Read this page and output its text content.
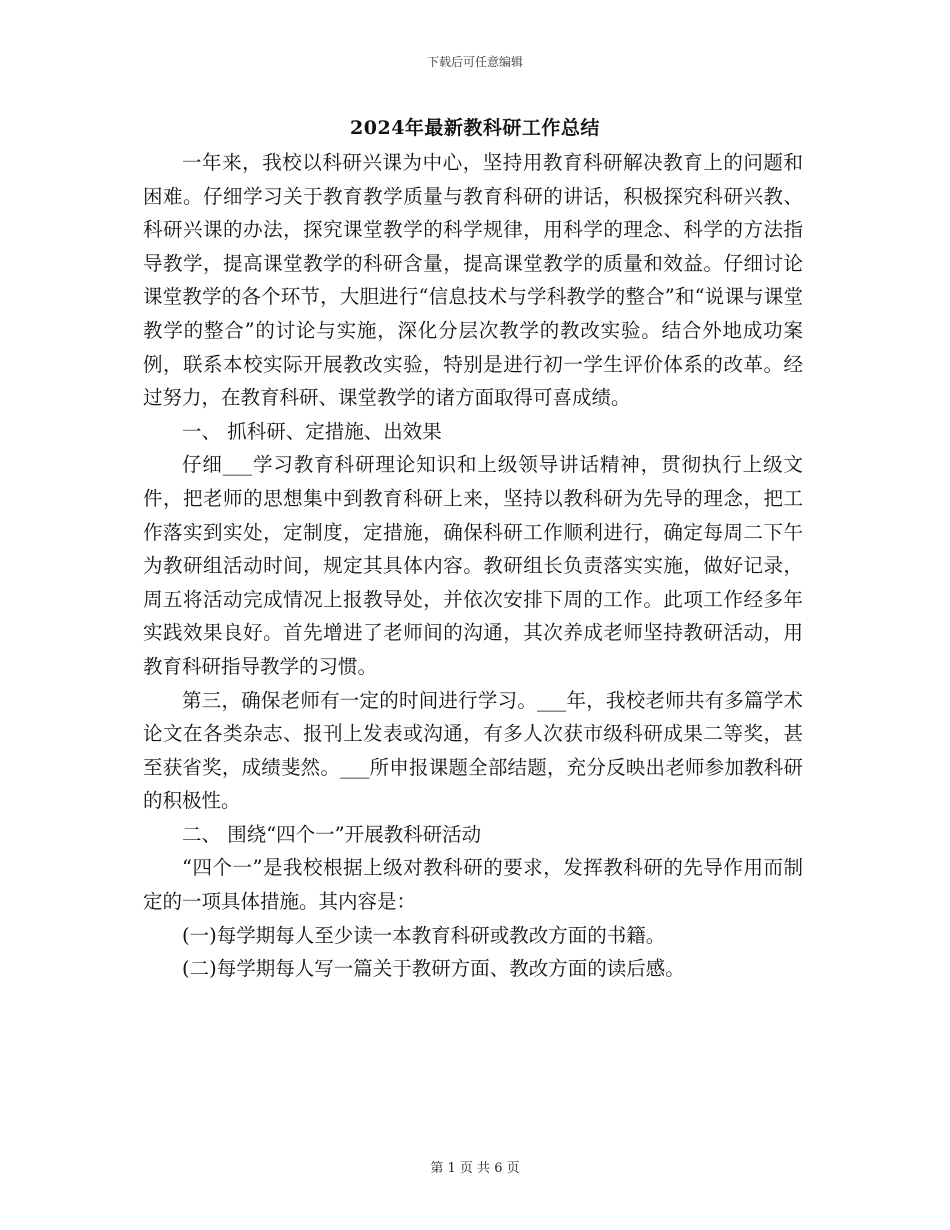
下载后可任意编辑
2024年最新教科研工作总结

一年来，我校以科研兴课为中心，坚持用教育科研解决教育上的问题和困难。仔细学习关于教育教学质量与教育科研的讲话，积极探究科研兴教、科研兴课的办法，探究课堂教学的科学规律，用科学的理念、科学的方法指导教学，提高课堂教学的科研含量，提高课堂教学的质量和效益。仔细讨论课堂教学的各个环节，大胆进行“信息技术与学科教学的整合”和“说课与课堂教学的整合”的讨论与实施，深化分层次教学的教改实验。结合外地成功案例，联系本校实际开展教改实验，特别是进行初一学生评价体系的改革。经过努力，在教育科研、课堂教学的诸方面取得可喜成绩。

一、 抓科研、定措施、出效果

仔细___学习教育科研理论知识和上级领导讲话精神，贯彻执行上级文件，把老师的思想集中到教育科研上来，坚持以教科研为先导的理念，把工作落实到实处，定制度，定措施，确保科研工作顺利进行，确定每周二下午为教研组活动时间，规定其具体内容。教研组长负责落实实施，做好记录，周五将活动完成情况上报教导处，并依次安排下周的工作。此项工作经多年实践效果良好。首先增进了老师间的沟通，其次养成老师坚持教研活动，用教育科研指导教学的习惯。

第三，确保老师有一定的时间进行学习。___年，我校老师共有多篇学术论文在各类杂志、报刊上发表或沟通，有多人次获市级科研成果二等奖，甚至获省奖，成绩斐然。___所申报课题全部结题，充分反映出老师参加教科研的积极性。

二、 围绕“四个一”开展教科研活动

“四个一”是我校根据上级对教科研的要求，发挥教科研的先导作用而制定的一项具体措施。其内容是：

(一)每学期每人至少读一本教育科研或教改方面的书籍。

(二)每学期每人写一篇关于教研方面、教改方面的读后感。

第 1 页 共 6 页
